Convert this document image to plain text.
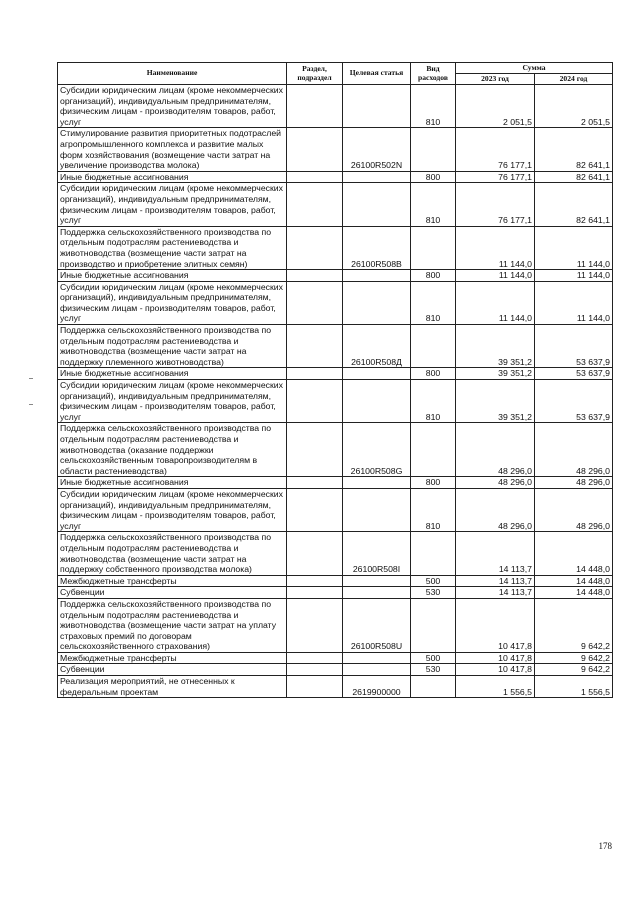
Наименование	Раздел, подраздел	Целевая статья	Вид расходов	Сумма	
				2023 год	2024 год
Субсидии юридическим лицам (кроме некоммерческих организаций), индивидуальным предпринимателям, физическим лицам - производителям товаров, работ, услуг			810	2 051,5	2 051,5
Стимулирование развития приоритетных подотраслей агропромышленного комплекса и развитие малых форм хозяйствования (возмещение части затрат на увеличение производства молока)		26100R502N		76 177,1	82 641,1
Иные бюджетные ассигнования			800	76 177,1	82 641,1
Субсидии юридическим лицам (кроме некоммерческих организаций), индивидуальным предпринимателям, физическим лицам - производителям товаров, работ, услуг			810	76 177,1	82 641,1
Поддержка сельскохозяйственного производства по отдельным подотраслям растениеводства и животноводства (возмещение части затрат на производство и приобретение элитных семян)		26100R508B		11 144,0	11 144,0
Иные бюджетные ассигнования			800	11 144,0	11 144,0
Субсидии юридическим лицам (кроме некоммерческих организаций), индивидуальным предпринимателям, физическим лицам - производителям товаров, работ, услуг			810	11 144,0	11 144,0
Поддержка сельскохозяйственного производства по отдельным подотраслям растениеводства и животноводства (возмещение части затрат на поддержку племенного животноводства)		26100R508Д		39 351,2	53 637,9
Иные бюджетные ассигнования			800	39 351,2	53 637,9
Субсидии юридическим лицам (кроме некоммерческих организаций), индивидуальным предпринимателям, физическим лицам - производителям товаров, работ, услуг			810	39 351,2	53 637,9
Поддержка сельскохозяйственного производства по отдельным подотраслям растениеводства и животноводства (оказание поддержки сельскохозяйственным товаропроизводителям в области растениеводства)		26100R508G		48 296,0	48 296,0
Иные бюджетные ассигнования			800	48 296,0	48 296,0
Субсидии юридическим лицам (кроме некоммерческих организаций), индивидуальным предпринимателям, физическим лицам - производителям товаров, работ, услуг			810	48 296,0	48 296,0
Поддержка сельскохозяйственного производства по отдельным подотраслям растениеводства и животноводства (возмещение части затрат на поддержку собственного производства молока)		26100R508I		14 113,7	14 448,0
Межбюджетные трансферты			500	14 113,7	14 448,0
Субвенции			530	14 113,7	14 448,0
Поддержка сельскохозяйственного производства по отдельным подотраслям растениеводства и животноводства (возмещение части затрат на уплату страховых премий по договорам сельскохозяйственного страхования)		26100R508U		10 417,8	9 642,2
Межбюджетные трансферты			500	10 417,8	9 642,2
Субвенции			530	10 417,8	9 642,2
Реализация мероприятий, не отнесенных к федеральным проектам		2619900000		1 556,5	1 556,5
178
